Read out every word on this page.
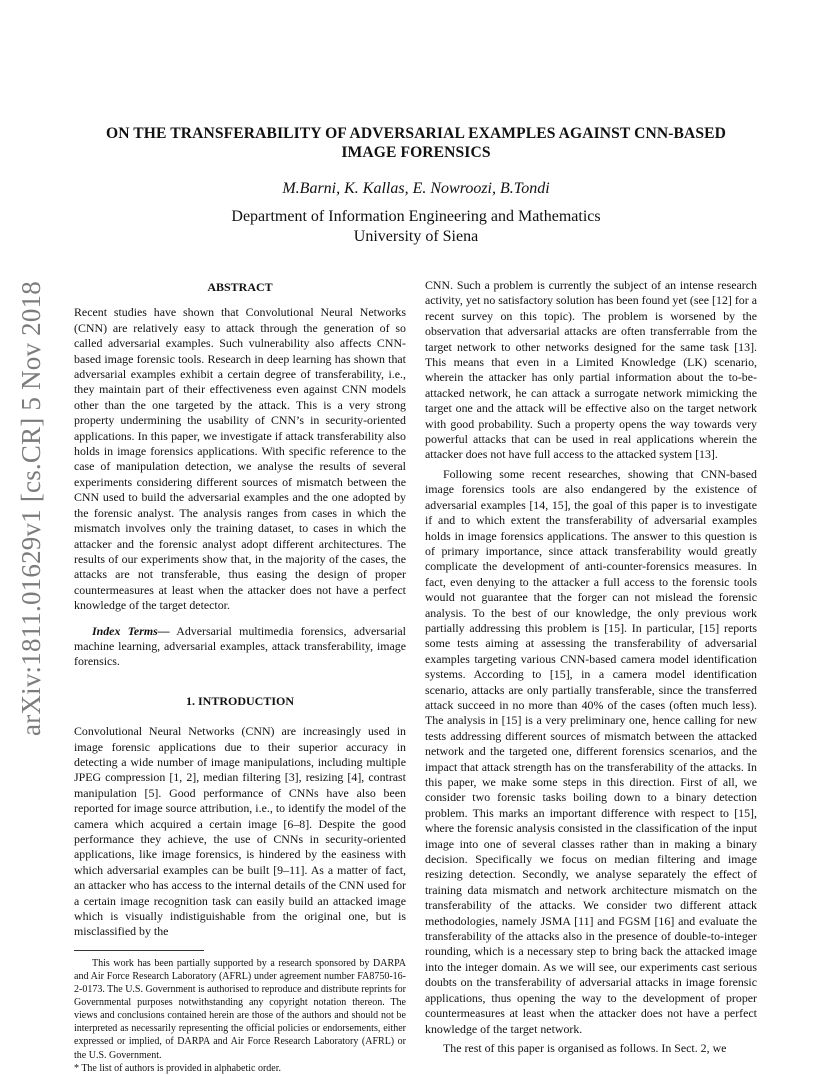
arXiv:1811.01629v1 [cs.CR] 5 Nov 2018
ON THE TRANSFERABILITY OF ADVERSARIAL EXAMPLES AGAINST CNN-BASED
IMAGE FORENSICS
M.Barni, K. Kallas, E. Nowroozi, B.Tondi
Department of Information Engineering and Mathematics
University of Siena
ABSTRACT

Recent studies have shown that Convolutional Neural Networks (CNN) are relatively easy to attack through the generation of so called adversarial examples. Such vulnerability also affects CNN-based image forensic tools. Research in deep learning has shown that adversarial examples exhibit a certain degree of transferability, i.e., they maintain part of their effectiveness even against CNN models other than the one targeted by the attack. This is a very strong property undermining the usability of CNN’s in security-oriented applications. In this paper, we investigate if attack transferability also holds in image forensics applications. With specific reference to the case of manipulation detection, we analyse the results of several experiments considering different sources of mismatch between the CNN used to build the adversarial examples and the one adopted by the forensic analyst. The analysis ranges from cases in which the mismatch involves only the training dataset, to cases in which the attacker and the forensic analyst adopt different architectures. The results of our experiments show that, in the majority of the cases, the attacks are not transferable, thus easing the design of proper countermeasures at least when the attacker does not have a perfect knowledge of the target detector.

Index Terms— Adversarial multimedia forensics, adversarial machine learning, adversarial examples, attack transferability, image forensics.

1. INTRODUCTION

Convolutional Neural Networks (CNN) are increasingly used in image forensic applications due to their superior accuracy in detecting a wide number of image manipulations, including multiple JPEG compression [1, 2], median filtering [3], resizing [4], contrast manipulation [5]. Good performance of CNNs have also been reported for image source attribution, i.e., to identify the model of the camera which acquired a certain image [6–8]. Despite the good performance they achieve, the use of CNNs in security-oriented applications, like image forensics, is hindered by the easiness with which adversarial examples can be built [9–11]. As a matter of fact, an attacker who has access to the internal details of the CNN used for a certain image recognition task can easily build an attacked image which is visually indistiguishable from the original one, but is misclassified by the

This work has been partially supported by a research sponsored by DARPA and Air Force Research Laboratory (AFRL) under agreement number FA8750-16-2-0173. The U.S. Government is authorised to reproduce and distribute reprints for Governmental purposes notwithstanding any copyright notation thereon. The views and conclusions contained herein are those of the authors and should not be interpreted as necessarily representing the official policies or endorsements, either expressed or implied, of DARPA and Air Force Research Laboratory (AFRL) or the U.S. Government.

* The list of authors is provided in alphabetic order.

CNN. Such a problem is currently the subject of an intense research activity, yet no satisfactory solution has been found yet (see [12] for a recent survey on this topic). The problem is worsened by the observation that adversarial attacks are often transferrable from the target network to other networks designed for the same task [13]. This means that even in a Limited Knowledge (LK) scenario, wherein the attacker has only partial information about the to-be-attacked network, he can attack a surrogate network mimicking the target one and the attack will be effective also on the target network with good probability. Such a property opens the way towards very powerful attacks that can be used in real applications wherein the attacker does not have full access to the attacked system [13].

Following some recent researches, showing that CNN-based image forensics tools are also endangered by the existence of adversarial examples [14, 15], the goal of this paper is to investigate if and to which extent the transferability of adversarial examples holds in image forensics applications. The answer to this question is of primary importance, since attack transferability would greatly complicate the development of anti-counter-forensics measures. In fact, even denying to the attacker a full access to the forensic tools would not guarantee that the forger can not mislead the forensic analysis. To the best of our knowledge, the only previous work partially addressing this problem is [15]. In particular, [15] reports some tests aiming at assessing the transferability of adversarial examples targeting various CNN-based camera model identification systems. According to [15], in a camera model identification scenario, attacks are only partially transferable, since the transferred attack succeed in no more than 40% of the cases (often much less). The analysis in [15] is a very preliminary one, hence calling for new tests addressing different sources of mismatch between the attacked network and the targeted one, different forensics scenarios, and the impact that attack strength has on the transferability of the attacks. In this paper, we make some steps in this direction. First of all, we consider two forensic tasks boiling down to a binary detection problem. This marks an important difference with respect to [15], where the forensic analysis consisted in the classification of the input image into one of several classes rather than in making a binary decision. Specifically we focus on median filtering and image resizing detection. Secondly, we analyse separately the effect of training data mismatch and network architecture mismatch on the transferability of the attacks. We consider two different attack methodologies, namely JSMA [11] and FGSM [16] and evaluate the transferability of the attacks also in the presence of double-to-integer rounding, which is a necessary step to bring back the attacked image into the integer domain. As we will see, our experiments cast serious doubts on the transferability of adversarial attacks in image forensic applications, thus opening the way to the development of proper countermeasures at least when the attacker does not have a perfect knowledge of the target network.

The rest of this paper is organised as follows. In Sect. 2, we
